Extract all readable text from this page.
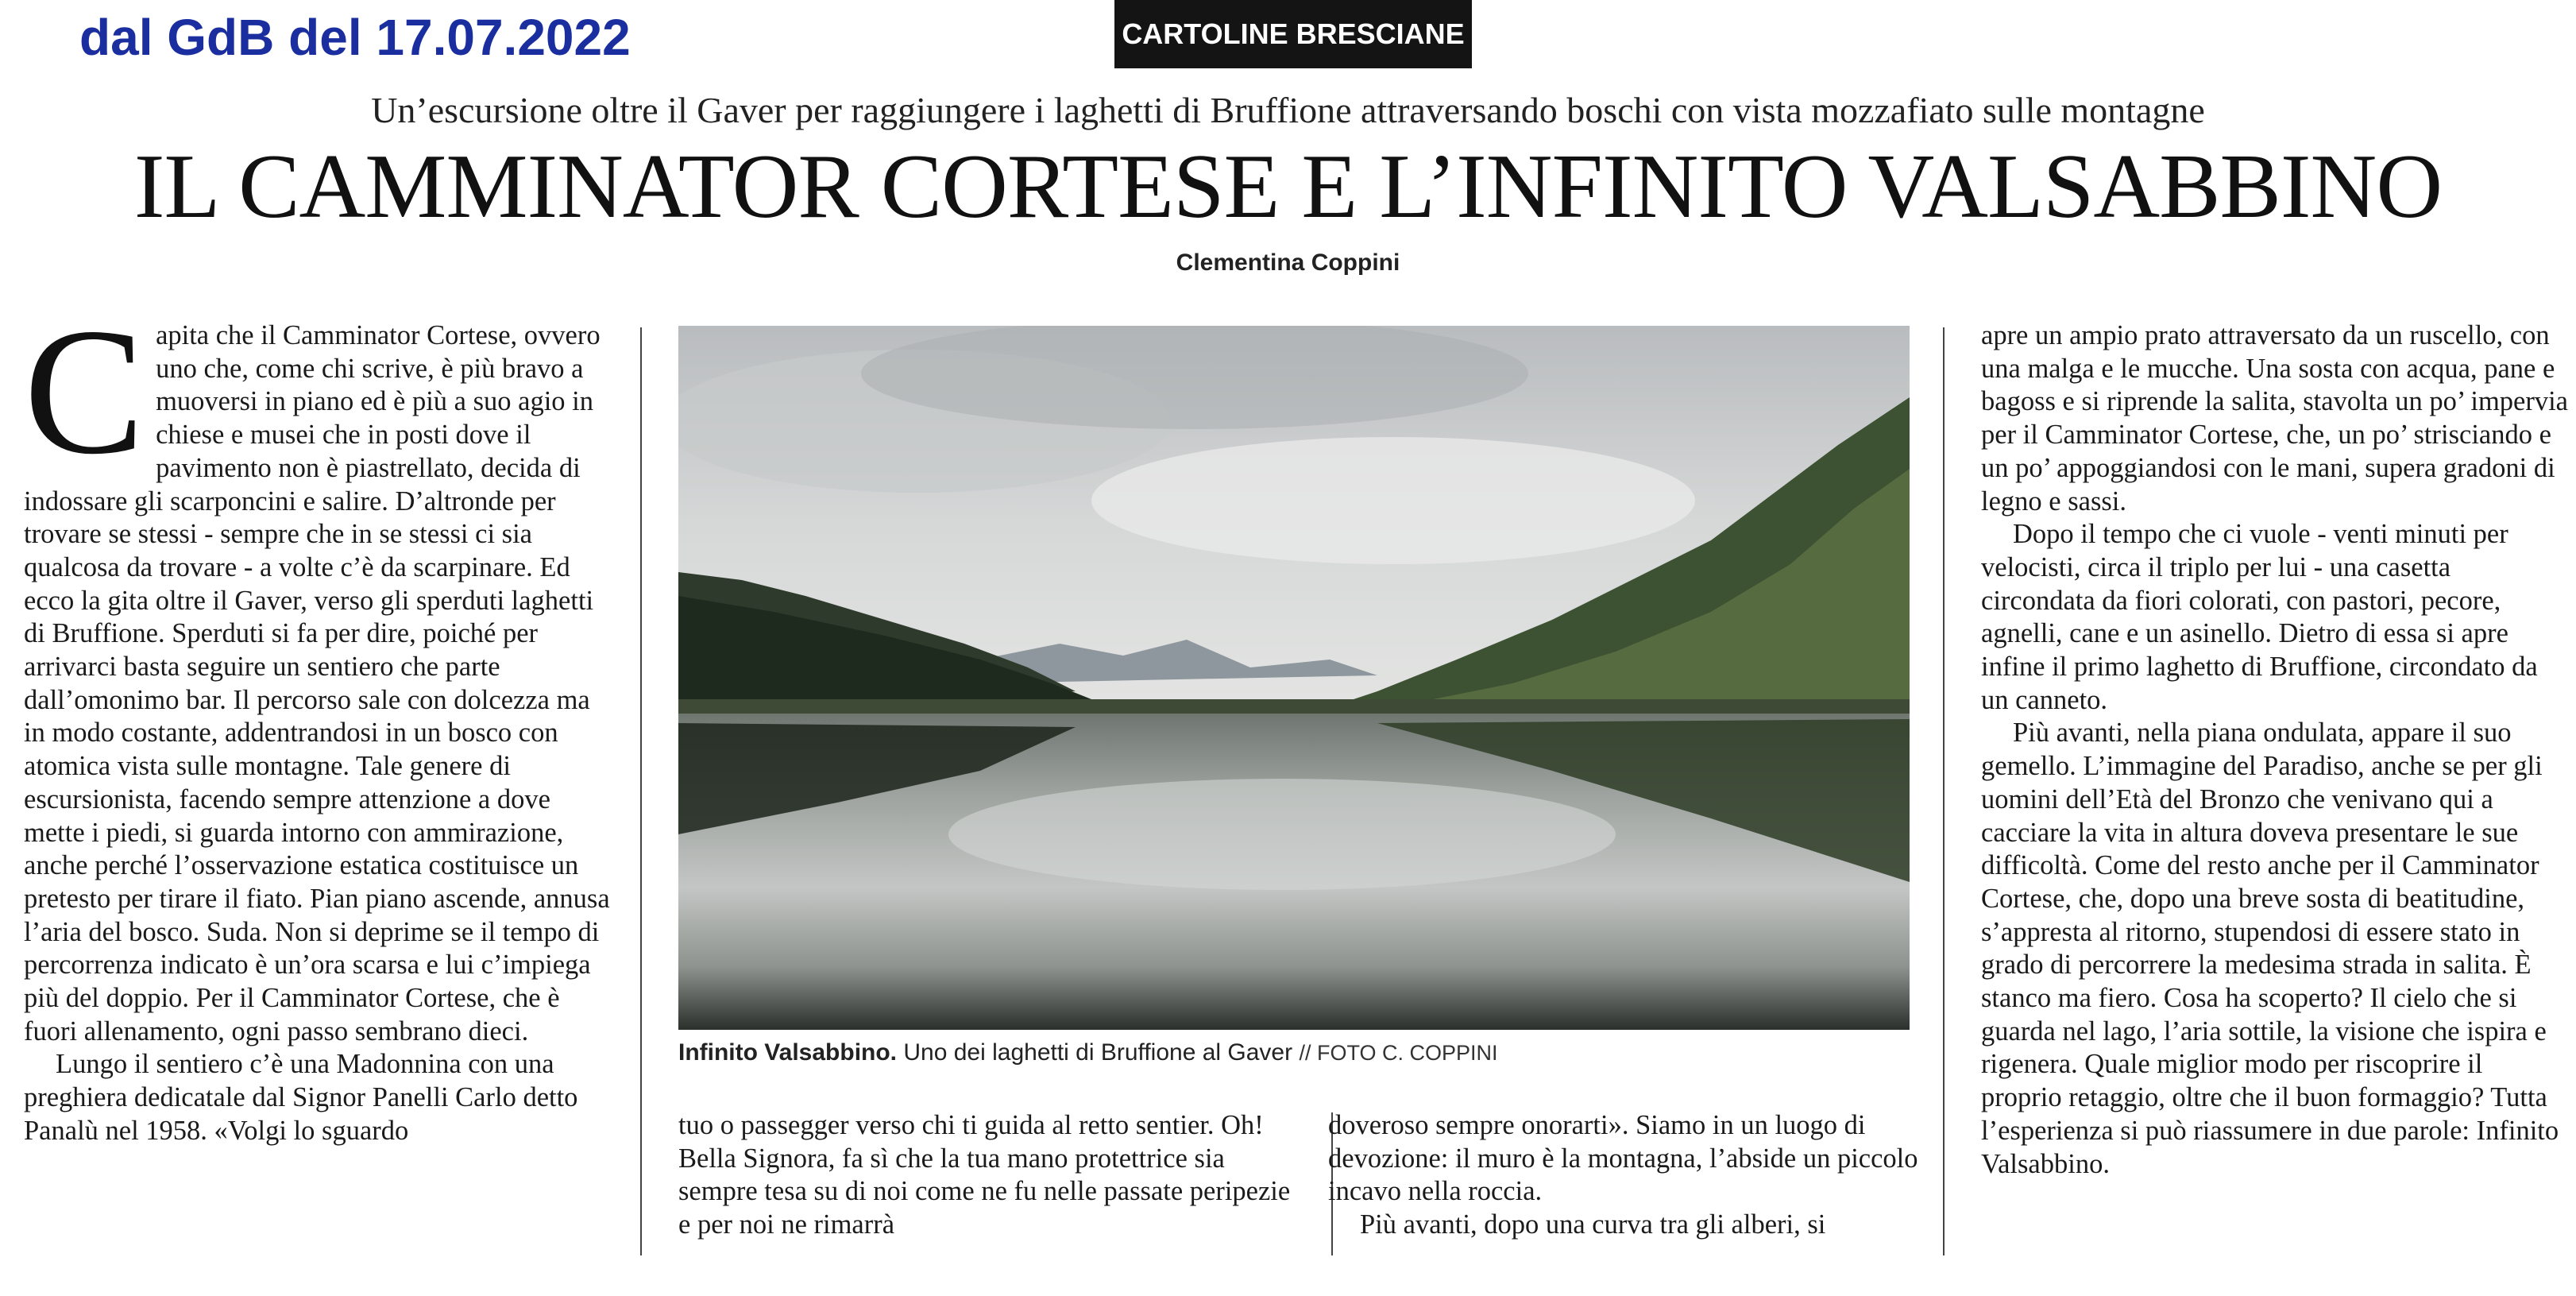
dal GdB del 17.07.2022	CARTOLINE BRESCIANE
Un’escursione oltre il Gaver per raggiungere i laghetti di Bruffione attraversando boschi con vista mozzafiato sulle montagne
IL CAMMINATOR CORTESE E L’INFINITO VALSABBINO
Clementina Coppini

Capita che il Camminator Cortese, ovvero uno che, come chi scrive, è più bravo a muoversi in piano ed è più a suo agio in chiese e musei che in posti dove il pavimento non è piastrellato, decida di indossare gli scarponcini e salire. D’altronde per trovare se stessi - sempre che in se stessi ci sia qualcosa da trovare - a volte c’è da scarpinare. Ed ecco la gita oltre il Gaver, verso gli sperduti laghetti di Bruffione. Sperduti si fa per dire, poiché per arrivarci basta seguire un sentiero che parte dall’omonimo bar. Il percorso sale con dolcezza ma in modo costante, addentrandosi in un bosco con atomica vista sulle montagne. Tale genere di escursionista, facendo sempre attenzione a dove mette i piedi, si guarda intorno con ammirazione, anche perché l’osservazione estatica costituisce un pretesto per tirare il fiato. Pian piano ascende, annusa l’aria del bosco. Suda. Non si deprime se il tempo di percorrenza indicato è un’ora scarsa e lui c’impiega più del doppio. Per il Camminator Cortese, che è fuori allenamento, ogni passo sembrano dieci.

Lungo il sentiero c’è una Madonnina con una preghiera dedicatale dal Signor Panelli Carlo detto Panalù nel 1958. «Volgi lo sguardo

Infinito Valsabbino. Uno dei laghetti di Bruffione al Gaver // FOTO C. COPPINI

tuo o passegger verso chi ti guida al retto sentier. Oh! Bella Signora, fa sì che la tua mano protettrice sia sempre tesa su di noi come ne fu nelle passate peripezie e per noi ne rimarrà

doveroso sempre onorarti». Siamo in un luogo di devozione: il muro è la montagna, l’abside un piccolo incavo nella roccia.

Più avanti, dopo una curva tra gli alberi, si

apre un ampio prato attraversato da un ruscello, con una malga e le mucche. Una sosta con acqua, pane e bagoss e si riprende la salita, stavolta un po’ impervia per il Camminator Cortese, che, un po’ strisciando e un po’ appoggiandosi con le mani, supera gradoni di legno e sassi.

Dopo il tempo che ci vuole - venti minuti per velocisti, circa il triplo per lui - una casetta circondata da fiori colorati, con pastori, pecore, agnelli, cane e un asinello. Dietro di essa si apre infine il primo laghetto di Bruffione, circondato da un canneto.

Più avanti, nella piana ondulata, appare il suo gemello. L’immagine del Paradiso, anche se per gli uomini dell’Età del Bronzo che venivano qui a cacciare la vita in altura doveva presentare le sue difficoltà. Come del resto anche per il Camminator Cortese, che, dopo una breve sosta di beatitudine, s’appresta al ritorno, stupendosi di essere stato in grado di percorrere la medesima strada in salita. È stanco ma fiero. Cosa ha scoperto? Il cielo che si guarda nel lago, l’aria sottile, la visione che ispira e rigenera. Quale miglior modo per riscoprire il proprio retaggio, oltre che il buon formaggio? Tutta l’esperienza si può riassumere in due parole: Infinito Valsabbino.
